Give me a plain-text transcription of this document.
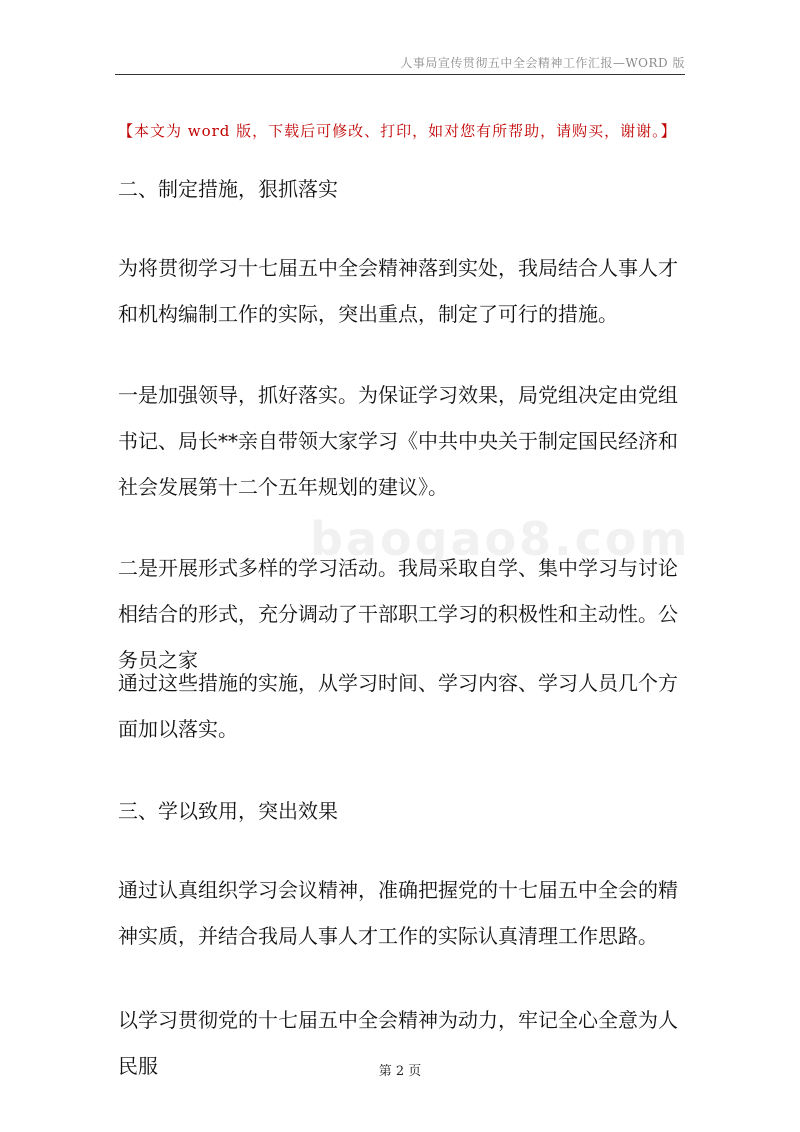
人事局宣传贯彻五中全会精神工作汇报—WORD 版
【本文为 word 版，下载后可修改、打印，如对您有所帮助，请购买，谢谢。】
baogao8.com
二、制定措施，狠抓落实
为将贯彻学习十七届五中全会精神落到实处，我局结合人事人才和机构编制工作的实际，突出重点，制定了可行的措施。
一是加强领导，抓好落实。为保证学习效果，局党组决定由党组书记、局长**亲自带领大家学习《中共中央关于制定国民经济和社会发展第十二个五年规划的建议》。
二是开展形式多样的学习活动。我局采取自学、集中学习与讨论相结合的形式，充分调动了干部职工学习的积极性和主动性。公务员之家
通过这些措施的实施，从学习时间、学习内容、学习人员几个方面加以落实。
三、学以致用，突出效果
通过认真组织学习会议精神，准确把握党的十七届五中全会的精神实质，并结合我局人事人才工作的实际认真清理工作思路。
以学习贯彻党的十七届五中全会精神为动力，牢记全心全意为人民服	第 2 页
